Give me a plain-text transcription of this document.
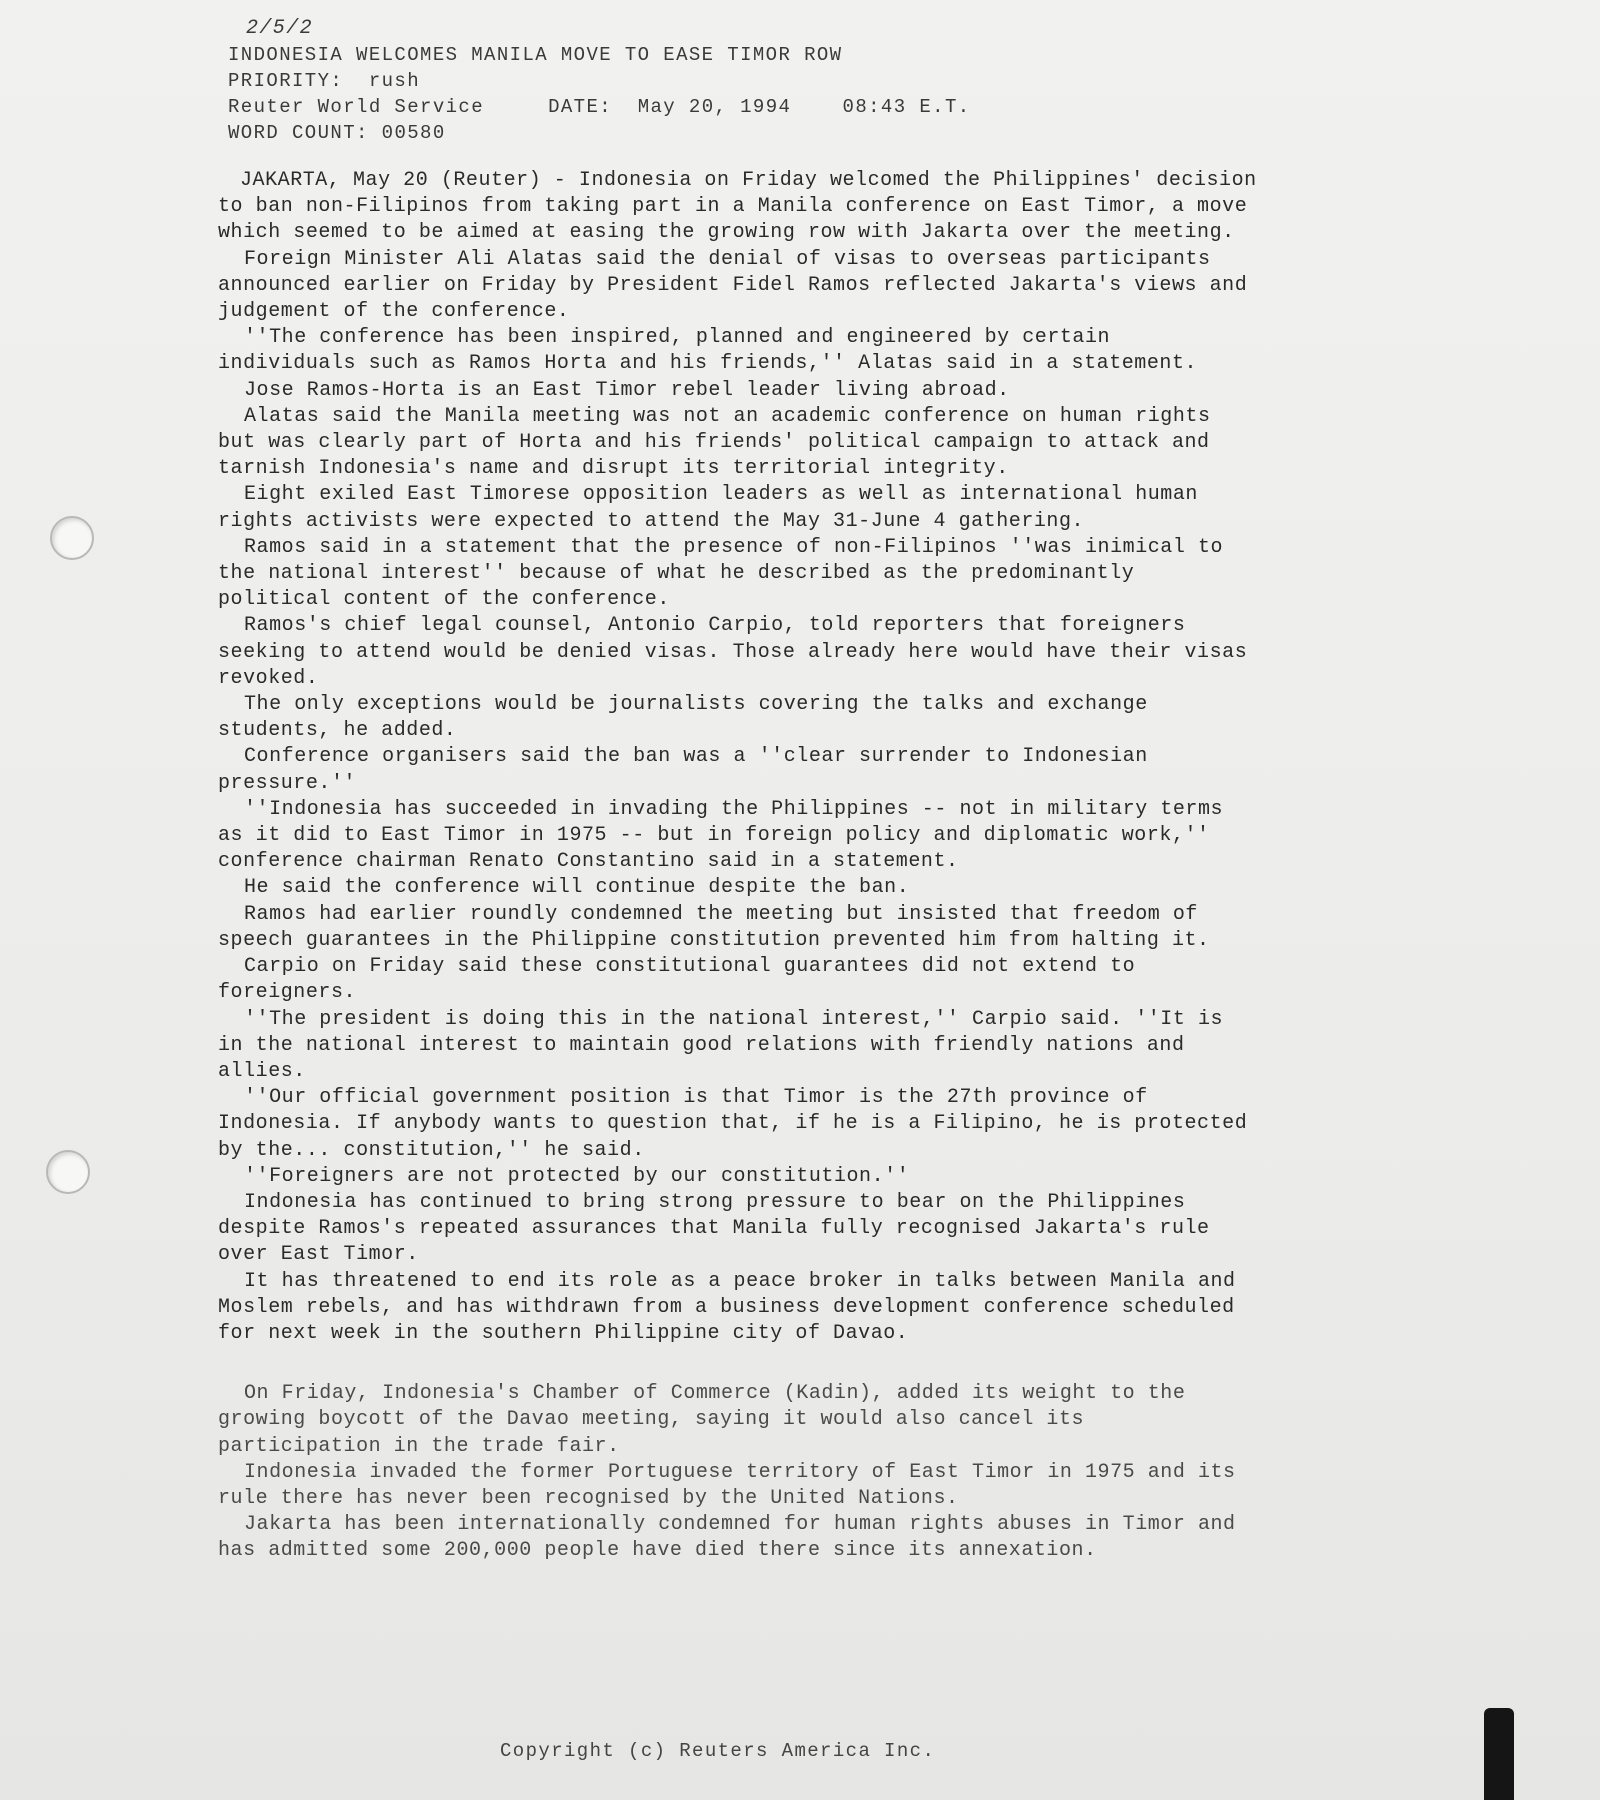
2/5/2
INDONESIA WELCOMES MANILA MOVE TO EASE TIMOR ROW
PRIORITY: rush
Reuter World Service	DATE: May 20, 1994	08:43 E.T.
WORD COUNT: 00580

JAKARTA, May 20 (Reuter) - Indonesia on Friday welcomed the Philippines' decision to ban non-Filipinos from taking part in a Manila conference on East Timor, a move which seemed to be aimed at easing the growing row with Jakarta over the meeting.

Foreign Minister Ali Alatas said the denial of visas to overseas participants announced earlier on Friday by President Fidel Ramos reflected Jakarta's views and judgement of the conference.

''The conference has been inspired, planned and engineered by certain individuals such as Ramos Horta and his friends,'' Alatas said in a statement.

Jose Ramos-Horta is an East Timor rebel leader living abroad.

Alatas said the Manila meeting was not an academic conference on human rights but was clearly part of Horta and his friends' political campaign to attack and tarnish Indonesia's name and disrupt its territorial integrity.

Eight exiled East Timorese opposition leaders as well as international human rights activists were expected to attend the May 31-June 4 gathering.

Ramos said in a statement that the presence of non-Filipinos ''was inimical to the national interest'' because of what he described as the predominantly political content of the conference.

Ramos's chief legal counsel, Antonio Carpio, told reporters that foreigners seeking to attend would be denied visas. Those already here would have their visas revoked.

The only exceptions would be journalists covering the talks and exchange students, he added.

Conference organisers said the ban was a ''clear surrender to Indonesian pressure.''

''Indonesia has succeeded in invading the Philippines -- not in military terms as it did to East Timor in 1975 -- but in foreign policy and diplomatic work,'' conference chairman Renato Constantino said in a statement.

He said the conference will continue despite the ban.

Ramos had earlier roundly condemned the meeting but insisted that freedom of speech guarantees in the Philippine constitution prevented him from halting it.

Carpio on Friday said these constitutional guarantees did not extend to foreigners.

''The president is doing this in the national interest,'' Carpio said. ''It is in the national interest to maintain good relations with friendly nations and allies.

''Our official government position is that Timor is the 27th province of Indonesia. If anybody wants to question that, if he is a Filipino, he is protected by the... constitution,'' he said.

''Foreigners are not protected by our constitution.''

Indonesia has continued to bring strong pressure to bear on the Philippines despite Ramos's repeated assurances that Manila fully recognised Jakarta's rule over East Timor.

It has threatened to end its role as a peace broker in talks between Manila and Moslem rebels, and has withdrawn from a business development conference scheduled for next week in the southern Philippine city of Davao.

On Friday, Indonesia's Chamber of Commerce (Kadin), added its weight to the growing boycott of the Davao meeting, saying it would also cancel its participation in the trade fair.

Indonesia invaded the former Portuguese territory of East Timor in 1975 and its rule there has never been recognised by the United Nations.

Jakarta has been internationally condemned for human rights abuses in Timor and has admitted some 200,000 people have died there since its annexation.

Copyright (c) Reuters America Inc.
